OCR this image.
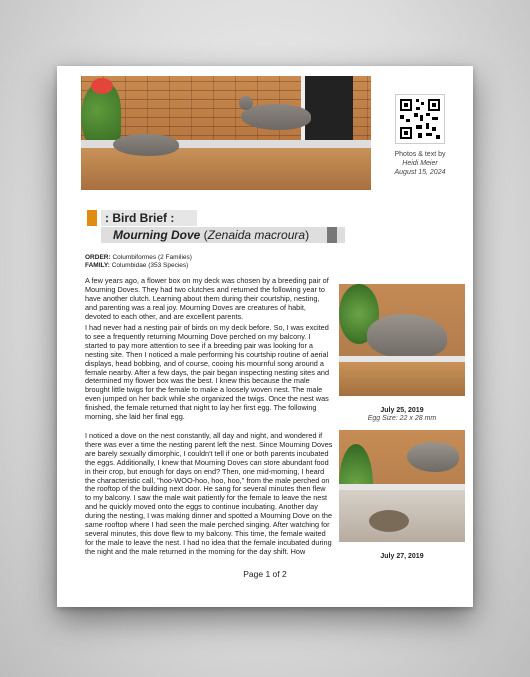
Photos & text by
Heidi Meier
August 15, 2024
: Bird Brief :
Mourning Dove (Zenaida macroura)
ORDER: Columbiformes (2 Families)
FAMILY: Columbidae (353 Species)
A few years ago, a flower box on my deck was chosen by a breeding pair of Mourning Doves. They had two clutches and returned the following year to have another clutch. Learning about them during their courtship, nesting, and parenting was a real joy. Mourning Doves are creatures of habit, devoted to each other, and are excellent parents.
I had never had a nesting pair of birds on my deck before. So, I was excited to see a frequently returning Mourning Dove perched on my balcony. I started to pay more attention to see if a breeding pair was looking for a nesting site. Then I noticed a male performing his courtship routine of aerial displays, head bobbing, and of course, cooing his mournful song around a female nearby. After a few days, the pair began inspecting nesting sites and determined my flower box was the best. I knew this because the male brought little twigs for the female to make a loosely woven nest. The male even jumped on her back while she organized the twigs. Once the nest was finished, the female returned that night to lay her first egg. The following morning, she laid her final egg.
I noticed a dove on the nest constantly, all day and night, and wondered if there was ever a time the nesting parent left the nest. Since Mourning Doves are barely sexually dimorphic, I couldn't tell if one or both parents incubated the eggs. Additionally, I knew that Mourning Doves can store abundant food in their crop, but enough for days on end? Then, one mid-morning, I heard the characteristic call, "hoo-WOO-hoo, hoo, hoo," from the male perched on the rooftop of the building next door. He sang for several minutes then flew to my balcony. I saw the male wait patiently for the female to leave the nest and he quickly moved onto the eggs to continue incubating. Another day during the nesting, I was making dinner and spotted a Mourning Dove on the same rooftop where I had seen the male perched singing. After watching for several minutes, this dove flew to my balcony. This time, the female waited for the male to leave the nest. I had no idea that the female incubated during the night and the male returned in the morning for the day shift. How
July 25, 2019
Egg Size: 22 x 28 mm
July 27, 2019
Page 1 of 2
